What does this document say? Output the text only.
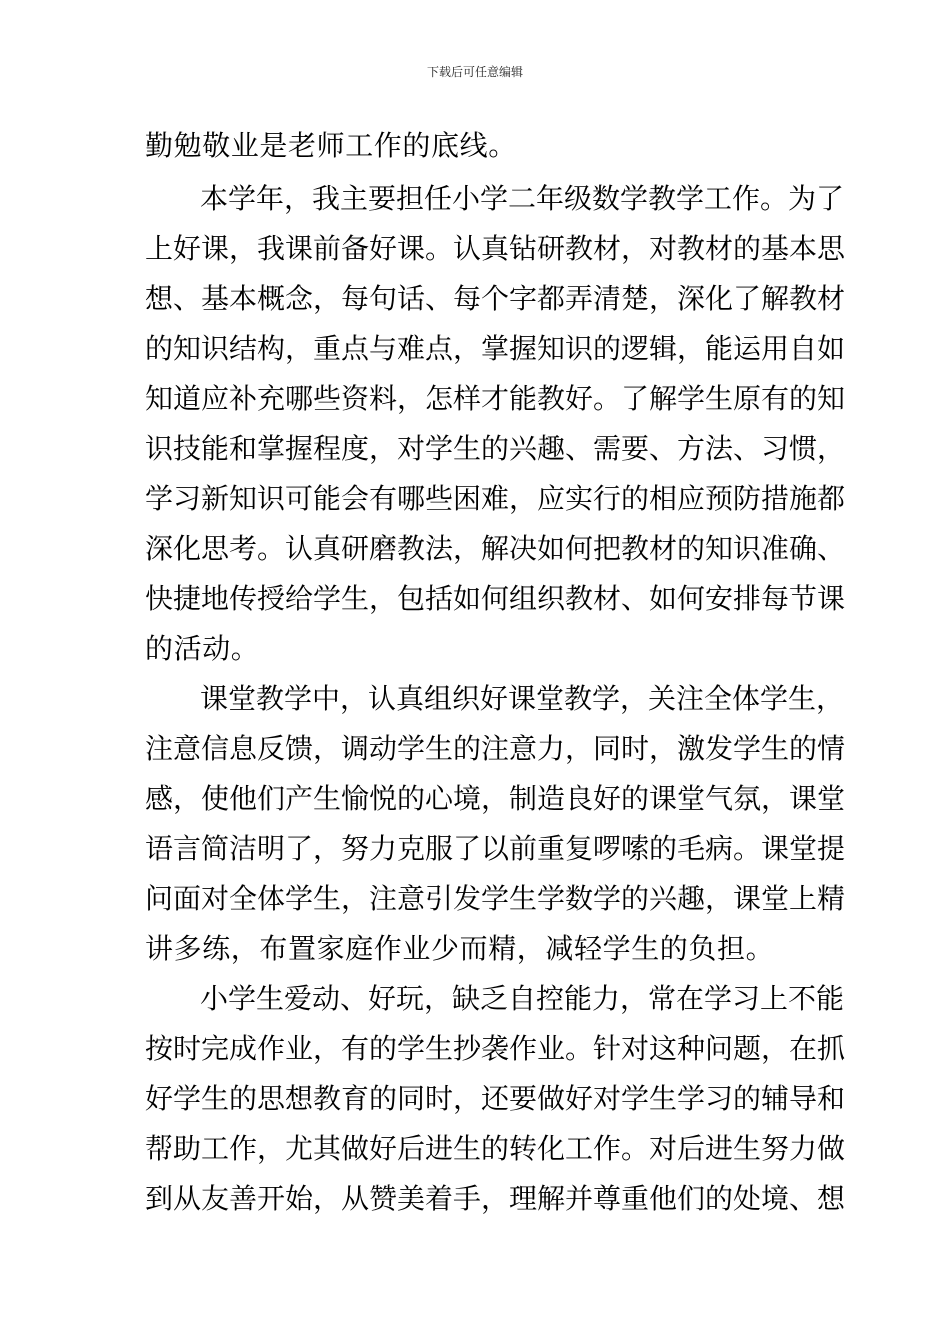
下载后可任意编辑
勤勉敬业是老师工作的底线。
本学年，我主要担任小学二年级数学教学工作。为了
上好课，我课前备好课。认真钻研教材，对教材的基本思
想、基本概念，每句话、每个字都弄清楚，深化了解教材
的知识结构，重点与难点，掌握知识的逻辑，能运用自如
知道应补充哪些资料，怎样才能教好。了解学生原有的知
识技能和掌握程度，对学生的兴趣、需要、方法、习惯，
学习新知识可能会有哪些困难，应实行的相应预防措施都
深化思考。认真研磨教法，解决如何把教材的知识准确、
快捷地传授给学生，包括如何组织教材、如何安排每节课
的活动。
课堂教学中，认真组织好课堂教学，关注全体学生，
注意信息反馈，调动学生的注意力，同时，激发学生的情
感，使他们产生愉悦的心境，制造良好的课堂气氛，课堂
语言简洁明了，努力克服了以前重复啰嗦的毛病。课堂提
问面对全体学生，注意引发学生学数学的兴趣，课堂上精
讲多练，布置家庭作业少而精，减轻学生的负担。
小学生爱动、好玩，缺乏自控能力，常在学习上不能
按时完成作业，有的学生抄袭作业。针对这种问题，在抓
好学生的思想教育的同时，还要做好对学生学习的辅导和
帮助工作，尤其做好后进生的转化工作。对后进生努力做
到从友善开始，从赞美着手，理解并尊重他们的处境、想
